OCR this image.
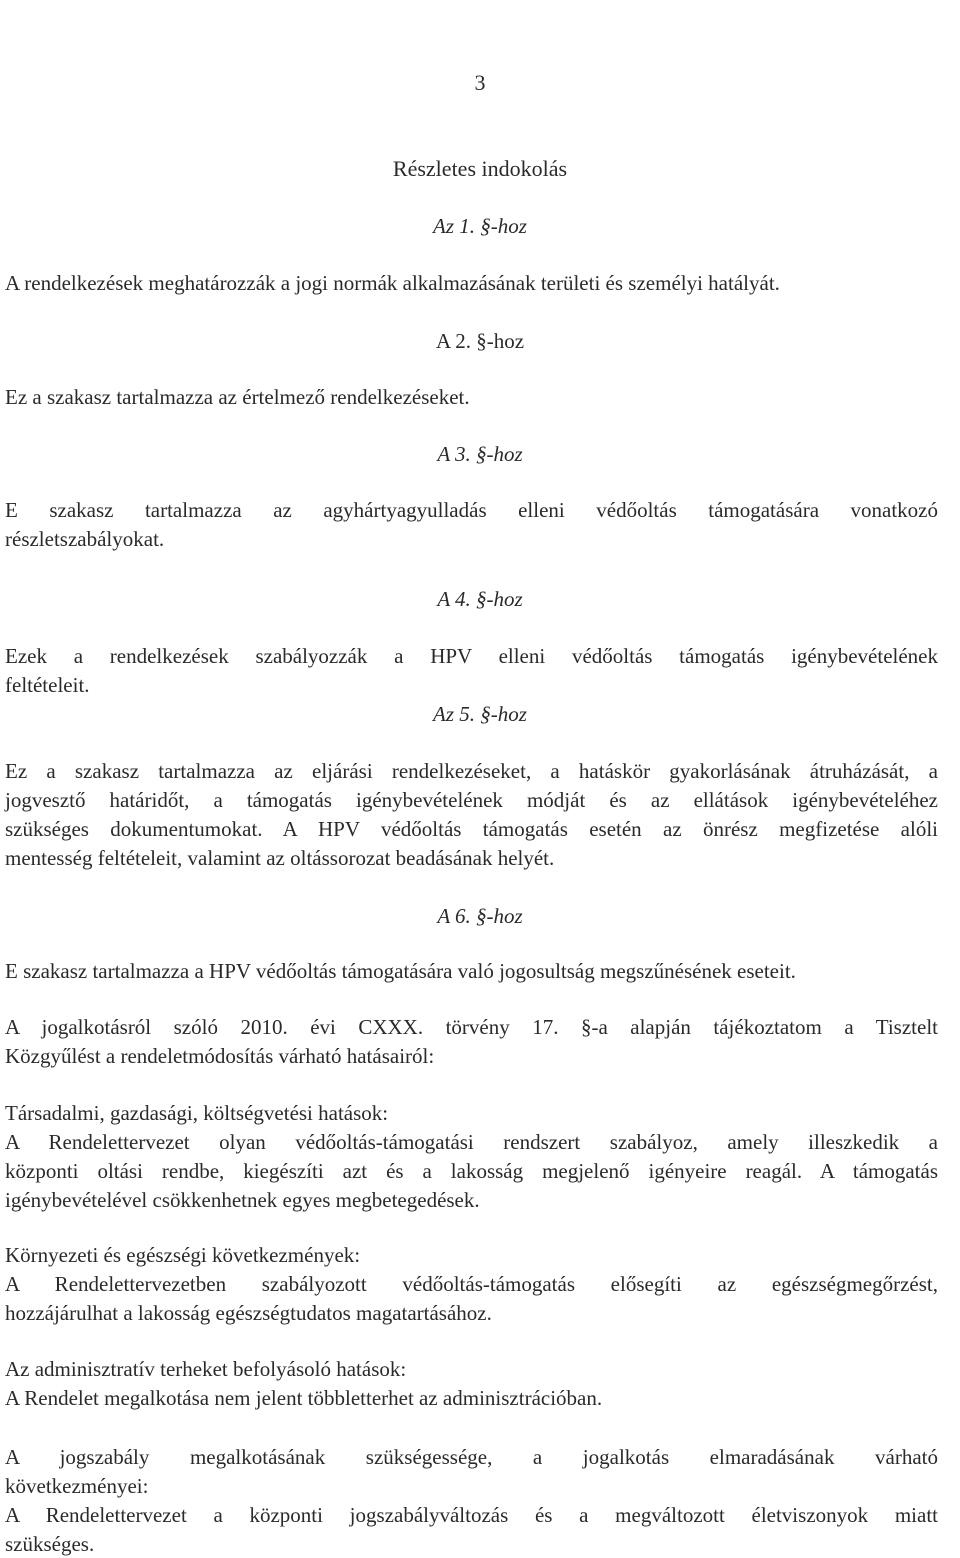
3
Részletes indokolás
Az 1. §-hoz
A rendelkezések meghatározzák a jogi normák alkalmazásának területi és személyi hatályát.
A 2. §-hoz
Ez a szakasz tartalmazza az értelmező rendelkezéseket.
A 3. §-hoz
E szakasz tartalmazza az agyhártyagyulladás elleni védőoltás támogatására vonatkozó
részletszabályokat.
A 4. §-hoz
Ezek a rendelkezések szabályozzák a HPV elleni védőoltás támogatás igénybevételének
feltételeit.
Az 5. §-hoz
Ez a szakasz tartalmazza az eljárási rendelkezéseket, a hatáskör gyakorlásának átruházását, a
jogvesztő határidőt, a támogatás igénybevételének módját és az ellátások igénybevételéhez
szükséges dokumentumokat. A HPV védőoltás támogatás esetén az önrész megfizetése alóli
mentesség feltételeit, valamint az oltássorozat beadásának helyét.
A 6. §-hoz
E szakasz tartalmazza a HPV védőoltás támogatására való jogosultság megszűnésének eseteit.
A jogalkotásról szóló 2010. évi CXXX. törvény 17. §-a alapján tájékoztatom a Tisztelt
Közgyűlést a rendeletmódosítás várható hatásairól:
Társadalmi, gazdasági, költségvetési hatások:
A Rendelettervezet olyan védőoltás-támogatási rendszert szabályoz, amely illeszkedik a
központi oltási rendbe, kiegészíti azt és a lakosság megjelenő igényeire reagál. A támogatás
igénybevételével csökkenhetnek egyes megbetegedések.
Környezeti és egészségi következmények:
A Rendelettervezetben szabályozott védőoltás-támogatás elősegíti az egészségmegőrzést,
hozzájárulhat a lakosság egészségtudatos magatartásához.
Az adminisztratív terheket befolyásoló hatások:
A Rendelet megalkotása nem jelent többletterhet az adminisztrációban.
A jogszabály megalkotásának szükségessége, a jogalkotás elmaradásának várható
következményei:
A Rendelettervezet a központi jogszabályváltozás és a megváltozott életviszonyok miatt
szükséges.
